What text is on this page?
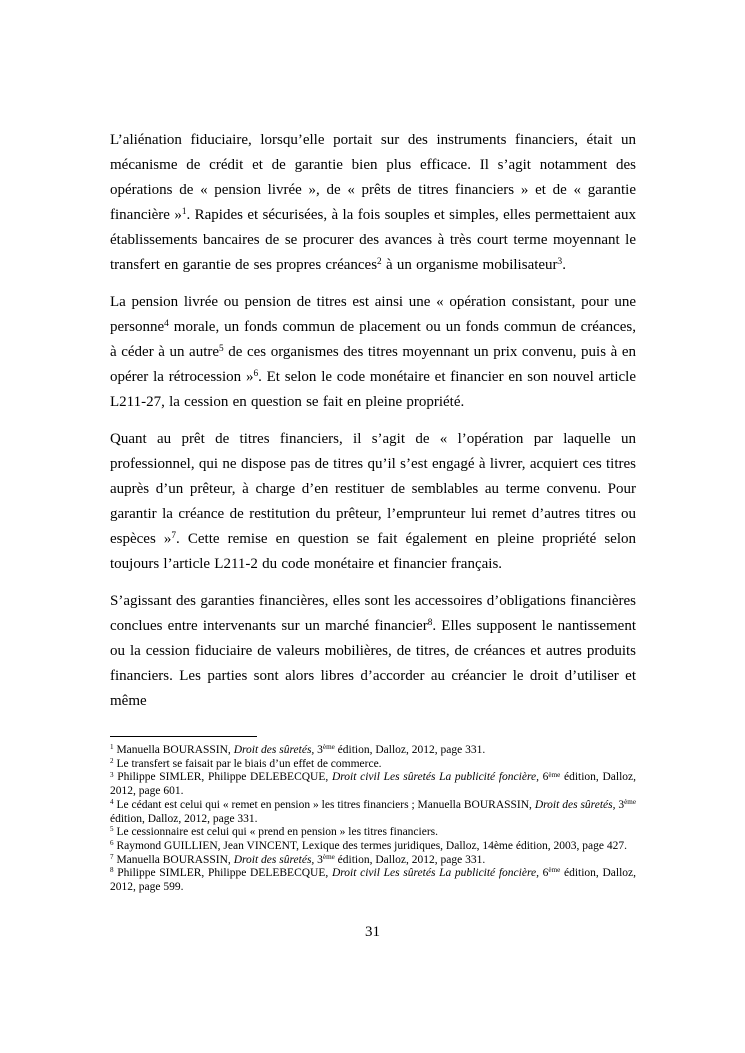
L’aliénation fiduciaire, lorsqu’elle portait sur des instruments financiers, était un mécanisme de crédit et de garantie bien plus efficace. Il s’agit notamment des opérations de « pension livrée », de « prêts de titres financiers » et de « garantie financière »$^1$. Rapides et sécurisées, à la fois souples et simples, elles permettaient aux établissements bancaires de se procurer des avances à très court terme moyennant le transfert en garantie de ses propres créances$^2$ à un organisme mobilisateur$^3$.

La pension livrée ou pension de titres est ainsi une « opération consistant, pour une personne$^4$ morale, un fonds commun de placement ou un fonds commun de créances, à céder à un autre$^5$ de ces organismes des titres moyennant un prix convenu, puis à en opérer la rétrocession »$^6$. Et selon le code monétaire et financier en son nouvel article L211-27, la cession en question se fait en pleine propriété.

Quant au prêt de titres financiers, il s’agit de « l’opération par laquelle un professionnel, qui ne dispose pas de titres qu’il s’est engagé à livrer, acquiert ces titres auprès d’un prêteur, à charge d’en restituer de semblables au terme convenu. Pour garantir la créance de restitution du prêteur, l’emprunteur lui remet d’autres titres ou espèces »$^7$. Cette remise en question se fait également en pleine propriété selon toujours l’article L211-2 du code monétaire et financier français.

S’agissant des garanties financières, elles sont les accessoires d’obligations financières conclues entre intervenants sur un marché financier$^8$. Elles supposent le nantissement ou la cession fiduciaire de valeurs mobilières, de titres, de créances et autres produits financiers. Les parties sont alors libres d’accorder au créancier le droit d’utiliser et même

$^1$ Manuella BOURASSIN, Droit des sûretés, 3ème édition, Dalloz, 2012, page 331.
$^2$ Le transfert se faisait par le biais d’un effet de commerce.
$^3$ Philippe SIMLER, Philippe DELEBECQUE, Droit civil Les sûretés La publicité foncière, 6ème édition, Dalloz, 2012, page 601.
$^4$ Le cédant est celui qui « remet en pension » les titres financiers ; Manuella BOURASSIN, Droit des sûretés, 3ème édition, Dalloz, 2012, page 331.
$^5$ Le cessionnaire est celui qui « prend en pension » les titres financiers.
$^6$ Raymond GUILLIEN, Jean VINCENT, Lexique des termes juridiques, Dalloz, 14ème édition, 2003, page 427.
$^7$ Manuella BOURASSIN, Droit des sûretés, 3ème édition, Dalloz, 2012, page 331.
$^8$ Philippe SIMLER, Philippe DELEBECQUE, Droit civil Les sûretés La publicité foncière, 6ème édition, Dalloz, 2012, page 599.
31
